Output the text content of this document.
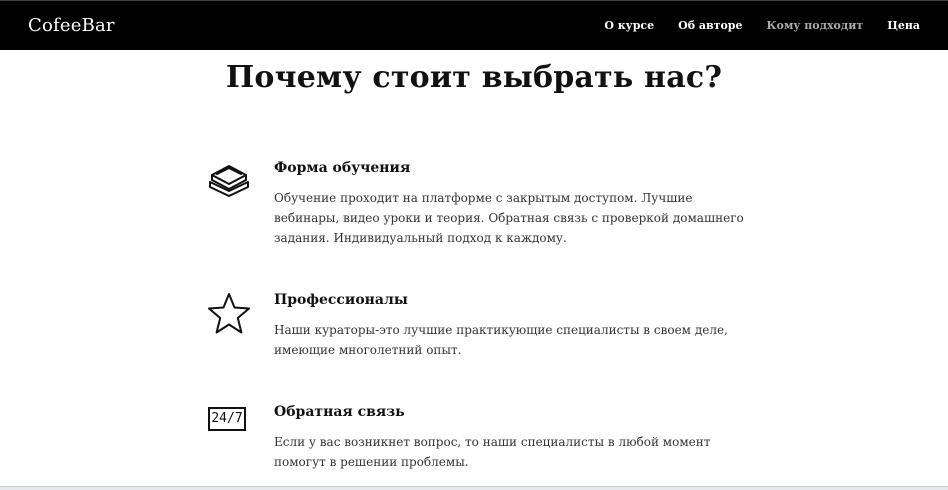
CofeeBar	О курсе Об авторе Кому подходит Цена
Почему стоит выбрать нас?
Форма обучения

Обучение проходит на платформе с закрытым доступом. Лучшие вебинары, видео уроки и теория. Обратная связь с проверкой домашнего задания. Индивидуальный подход к каждому.

Профессионалы

Наши кураторы-это лучшие практикующие специалисты в своем деле, имеющие многолетний опыт.

24/7 Обратная связь

Если у вас возникнет вопрос, то наши специалисты в любой момент помогут в решении проблемы.
